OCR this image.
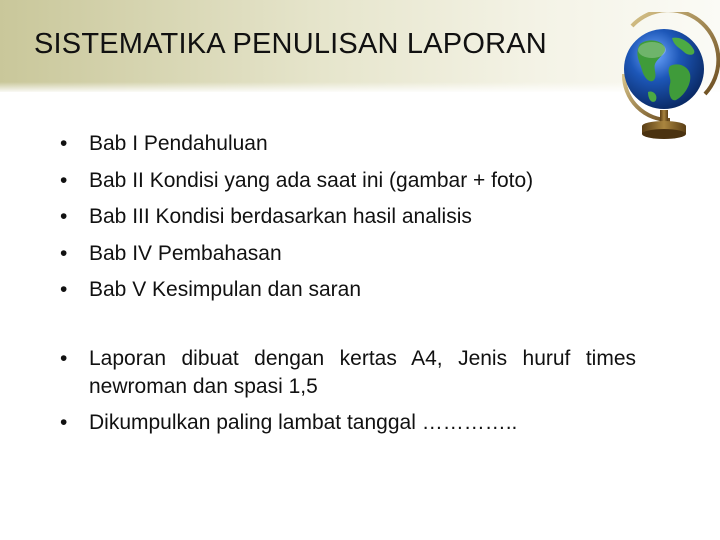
SISTEMATIKA PENULISAN LAPORAN
•	Bab I Pendahuluan
•	Bab II Kondisi yang ada saat ini (gambar + foto)
•	Bab III Kondisi berdasarkan hasil analisis
•	Bab IV Pembahasan
•	Bab V Kesimpulan dan saran
•	Laporan dibuat dengan kertas A4, Jenis huruf times newroman dan spasi 1,5
•	Dikumpulkan paling lambat tanggal …………..
